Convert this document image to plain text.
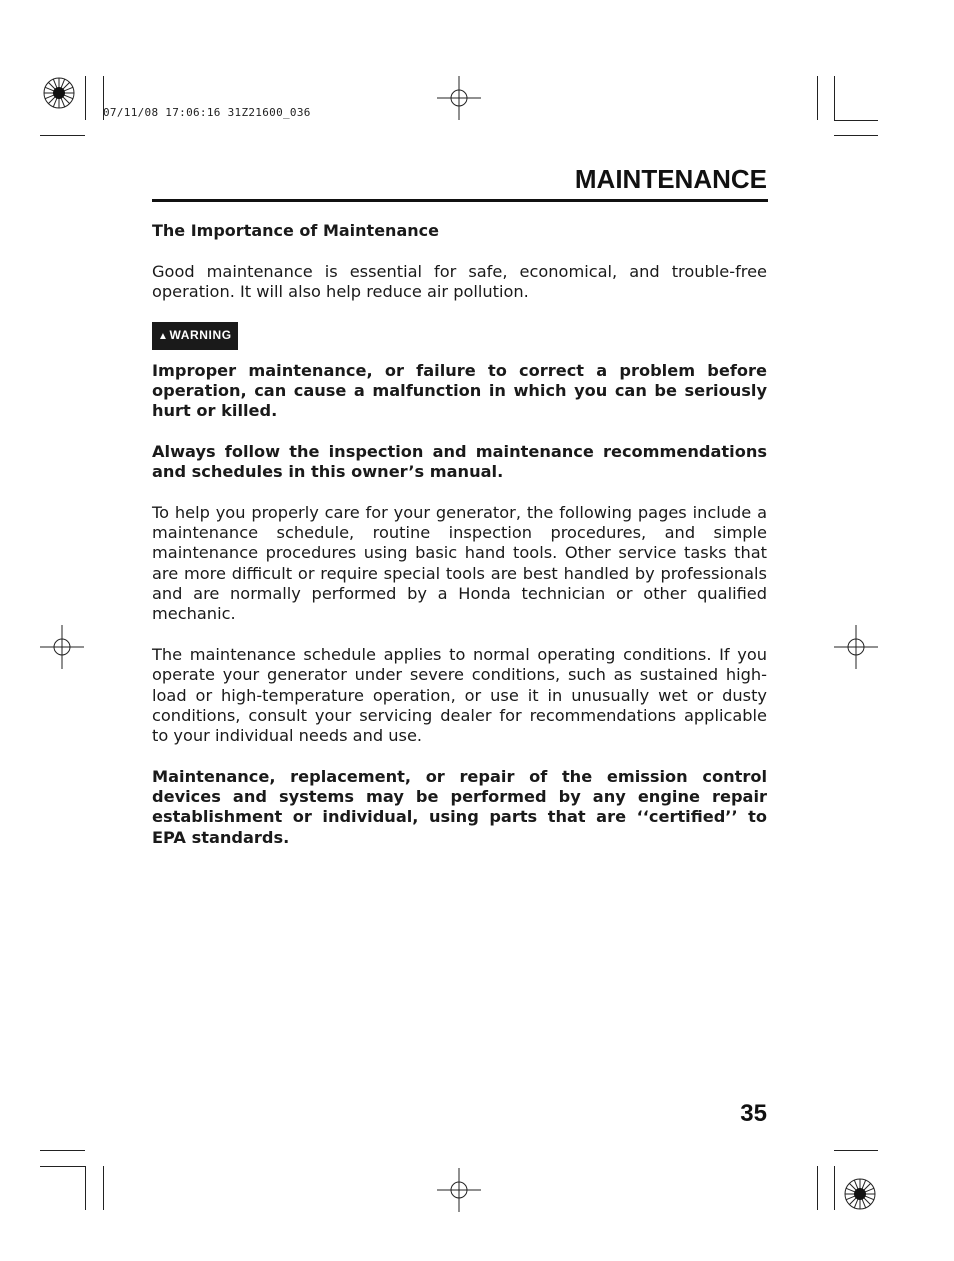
07/11/08 17:06:16 31Z21600_036
MAINTENANCE

The Importance of Maintenance

Good maintenance is essential for safe, economical, and trouble-free operation. It will also help reduce air pollution.

▲WARNING

Improper maintenance, or failure to correct a problem before operation, can cause a malfunction in which you can be seriously hurt or killed.

Always follow the inspection and maintenance recommendations and schedules in this owner’s manual.

To help you properly care for your generator, the following pages include a maintenance schedule, routine inspection procedures, and simple maintenance procedures using basic hand tools. Other service tasks that are more difficult or require special tools are best handled by professionals and are normally performed by a Honda technician or other qualified mechanic.

The maintenance schedule applies to normal operating conditions. If you operate your generator under severe conditions, such as sustained high-load or high-temperature operation, or use it in unusually wet or dusty conditions, consult your servicing dealer for recommendations applicable to your individual needs and use.

Maintenance, replacement, or repair of the emission control devices and systems may be performed by any engine repair establishment or individual, using parts that are ‘‘certified’’ to EPA standards.

35
